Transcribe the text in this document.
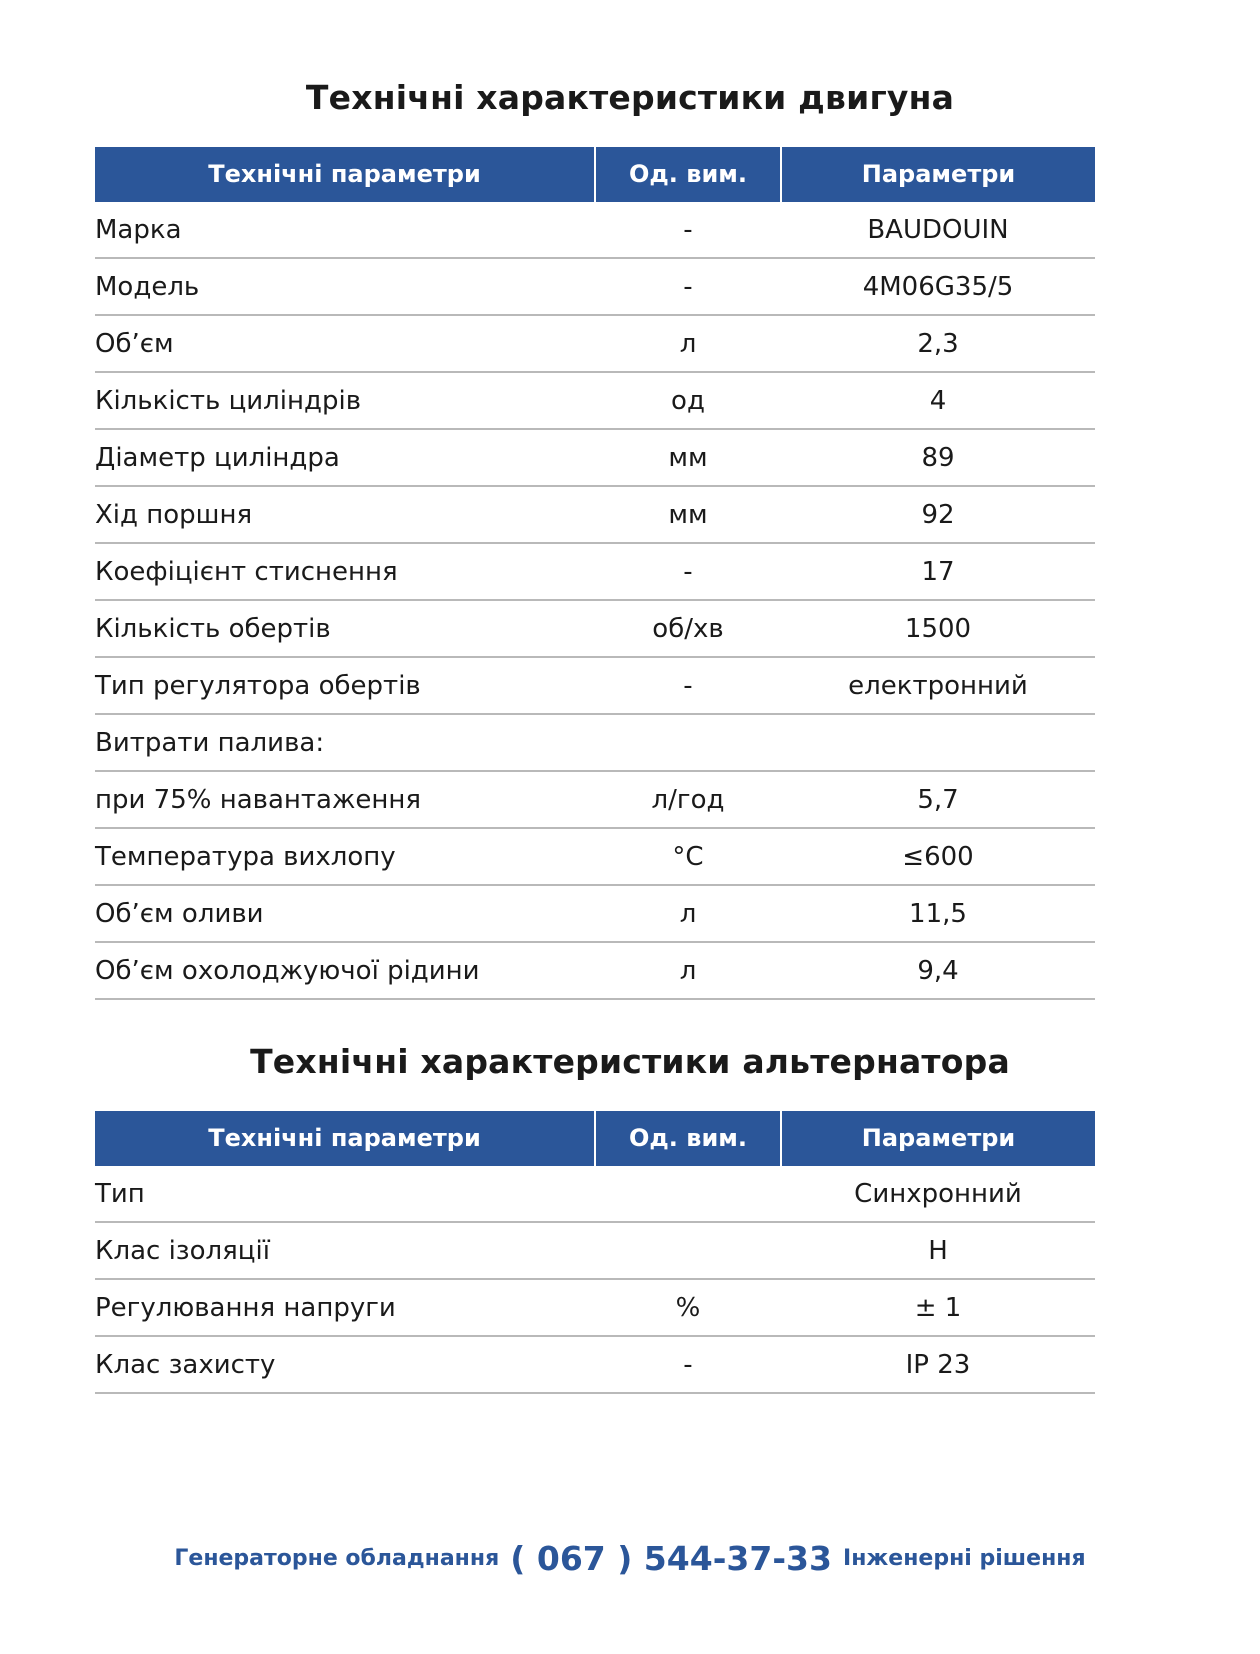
Технічні характеристики двигуна
Технічні параметри	Од. вим.	Параметри
Марка	-	BAUDOUIN
Модель	-	4M06G35/5
Об’єм	л	2,3
Кількість циліндрів	од	4
Діаметр циліндра	мм	89
Хід поршня	мм	92
Коефіцієнт стиснення	-	17
Кількість обертів	об/хв	1500
Тип регулятора обертів	-	електронний
Витрати палива:		
при 75% навантаження	л/год	5,7
Температура вихлопу	°C	≤600
Об’єм оливи	л	11,5
Об’єм охолоджуючої рідини	л	9,4
Технічні характеристики альтернатора
Технічні параметри	Од. вим.	Параметри
Тип		Синхронний
Клас ізоляції		H
Регулювання напруги	%	± 1
Клас захисту	-	IP 23
Генераторне обладнання ( 067 ) 544-37-33 Інженерні рішення
